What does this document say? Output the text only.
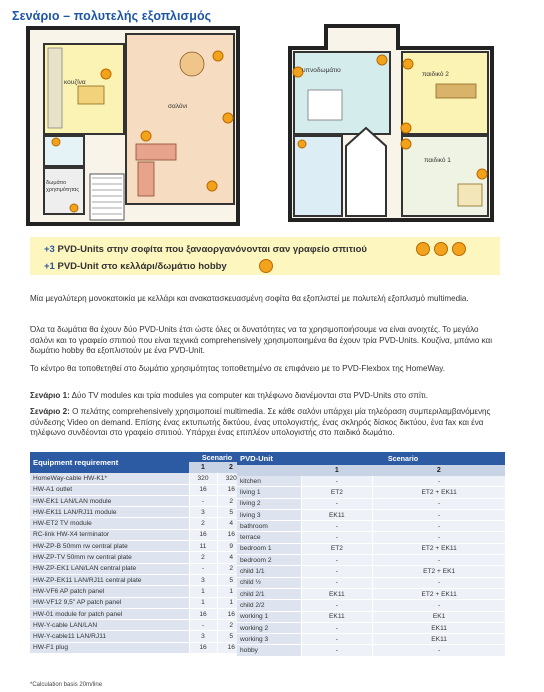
Σενάριο – πολυτελής εξοπλισμός
κουζίνα
σαλόνι
δωμάτιο
χρησιμότητας
υπνοδωμάτιο
παιδικό 2
παιδικό 1
+3 PVD-Units στην σοφίτα που ξαναοργανόνονται σαν γραφείο σπιτιού
+1 PVD-Unit στο κελλάρι/δωμάτιο hobby
Μία μεγαλύτερη μονοκατοικία με κελλάρι και ανακατασκευασμένη σοφίτα θα εξοπλιστεί με πολυτελή εξοπλισμό multimedia.
Όλα τα δωμάτια θα έχουν δύο PVD-Units έτσι ώστε όλες οι δυνατότητες να τα χρησιμοποιήσουμε να είναι ανοιχτές. Το μεγάλο σαλόνι και το γραφείο σπιτιού που είναι τεχνικά comprehensively χρησιμοποιημένα θα έχουν τρία PVD-Units. Κουζίνα, μπάνιο και δωμάτιο hobby θα εξοπλιστούν με ένα PVD-Unit.
Το κέντρο θα τοποθετηθεί στο δωμάτιο χρησιμότητας τοποθετημένο σε επιφάνειο με το PVD-Flexbox της HomeWay.
Σενάριο 1: Δύο TV modules και τρία modules για computer και τηλέφωνο διανέμονται στα PVD-Units στο σπίτι.
Σενάριο 2: Ο πελάτης comprehensively χρησιμοποιεί multimedia. Σε κάθε σαλόνι υπάρχει μία τηλεόραση συμπεριλαμβανόμενης σύνδεσης Video on demand. Επίσης ένας εκτυπωτής δικτύου, ένας υπολογιστής, ένας σκληρός δίσκος δικτύου, ένα fax και ένα τηλέφωνο συνδέονται στο γραφείο σπιτιού. Υπάρχει ένας επιπλέον υπολογιστής στο παιδικό δωμάτιο.
Equipment requirement	Scenario	
	1	2
HomeWay-cable HW-K1*	320	320
HW-A1 outlet	16	16
HW-EK1 LAN/LAN module	-	2
HW-EK11 LAN/RJ11 module	3	5
HW-ET2 TV module	2	4
RC-link HW-X4 terminator	16	16
HW-ZP-B 50mm rw central plate	11	9
HW-ZP-TV 50mm rw central plate	2	4
HW-ZP-EK1 LAN/LAN central plate	-	2
HW-ZP-EK11 LAN/RJ11 central plate	3	5
HW-VF6 AP patch panel	1	1
HW-VF12 9,5" AP patch panel	1	1
HW-01 module for patch panel	16	16
HW-Y-cable LAN/LAN	-	2
HW-Y-cable11 LAN/RJ11	3	5
HW-F1 plug	16	16
PVD-Unit	Scenario	
	1	2
kitchen	-	-
living 1	ET2	ET2 + EK11
living 2	-	-
living 3	EK11	-
bathroom	-	-
terrace	-	-
bedroom 1	ET2	ET2 + EK11
bedroom 2	-	-
child 1/1	-	ET2 + EK1
child ½	-	-
child 2/1	EK11	ET2 + EK11
child 2/2	-	-
working 1	EK11	EK1
working 2	-	EK11
working 3	-	EK11
hobby	-	-
*Calculation basis 20m/line
